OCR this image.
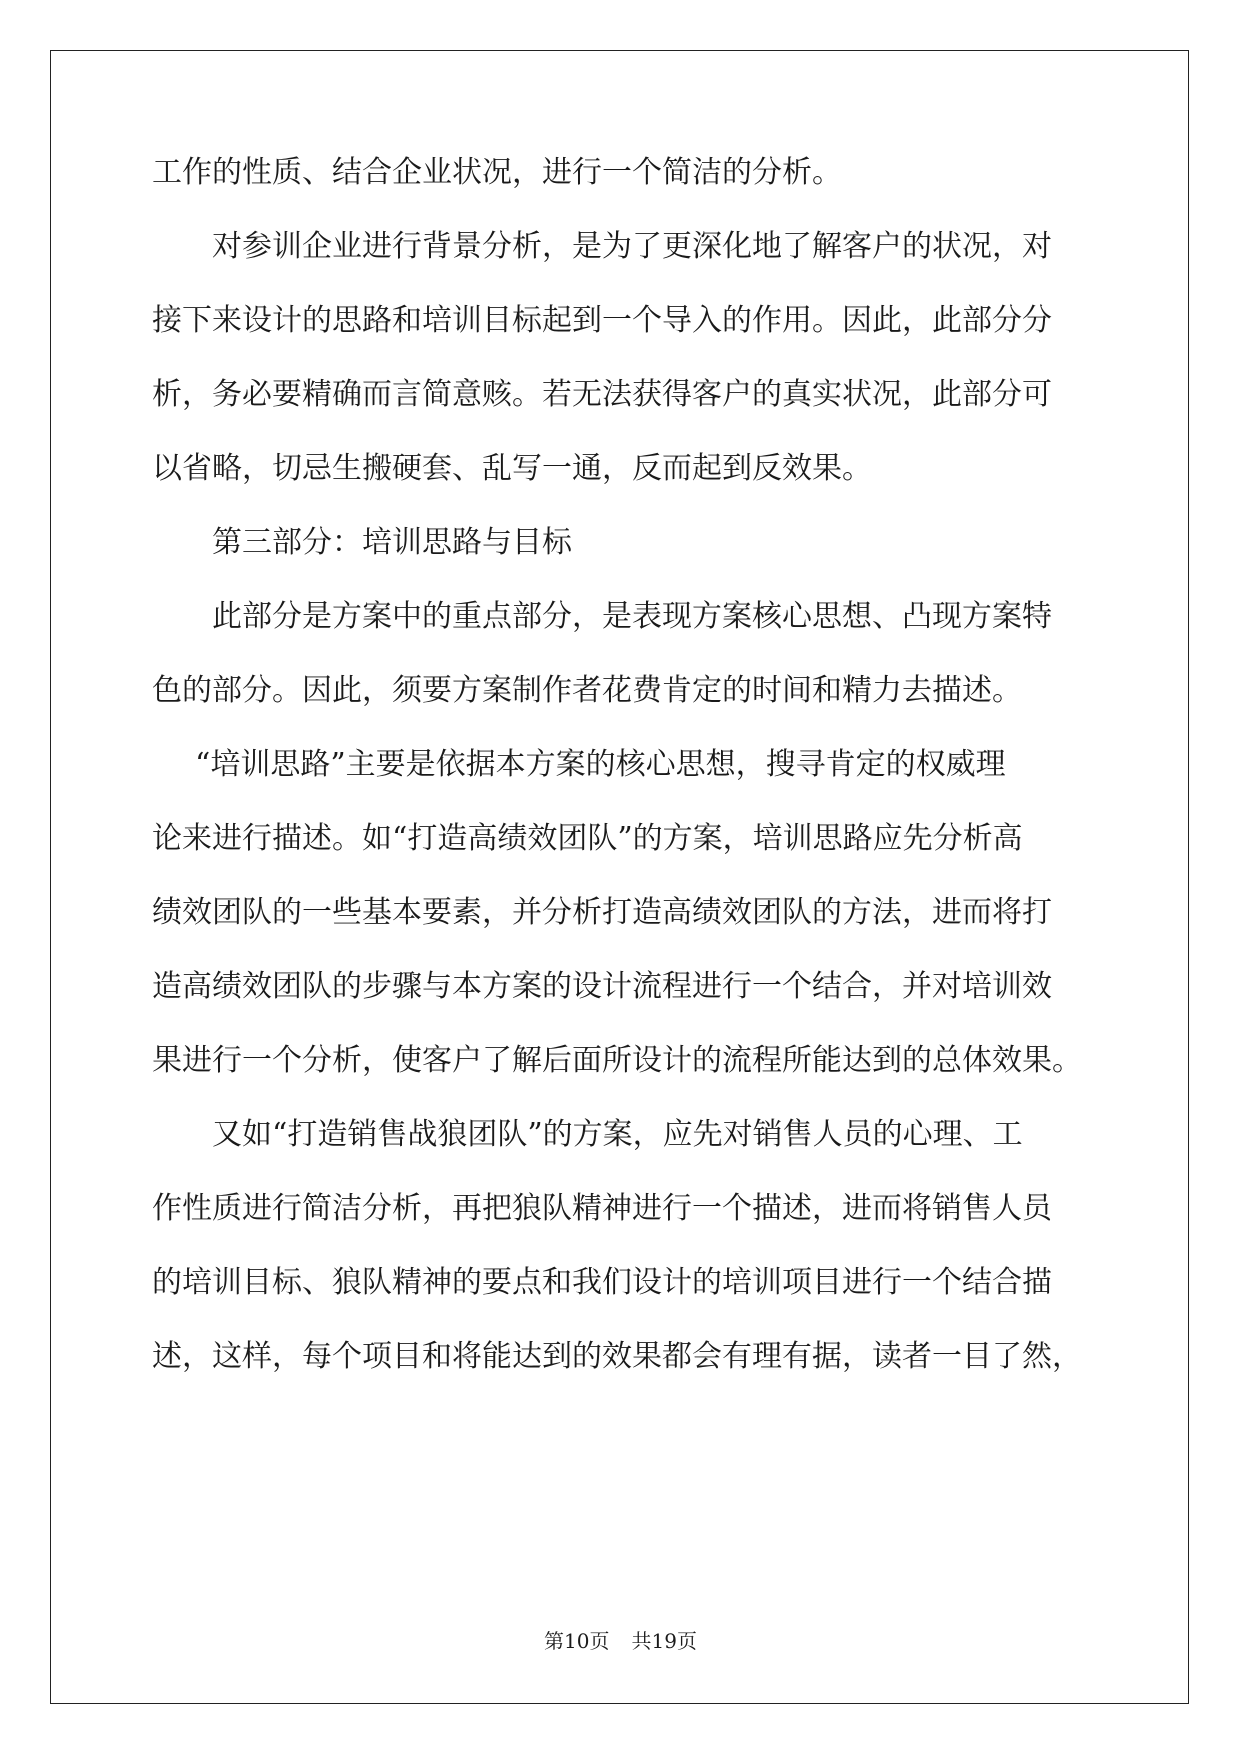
工作的性质、结合企业状况，进行一个简洁的分析。
对参训企业进行背景分析，是为了更深化地了解客户的状况，对
接下来设计的思路和培训目标起到一个导入的作用。因此，此部分分
析，务必要精确而言简意赅。若无法获得客户的真实状况，此部分可
以省略，切忌生搬硬套、乱写一通，反而起到反效果。
第三部分：培训思路与目标
此部分是方案中的重点部分，是表现方案核心思想、凸现方案特
色的部分。因此，须要方案制作者花费肯定的时间和精力去描述。
“培训思路”主要是依据本方案的核心思想，搜寻肯定的权威理
论来进行描述。如“打造高绩效团队”的方案，培训思路应先分析高
绩效团队的一些基本要素，并分析打造高绩效团队的方法，进而将打
造高绩效团队的步骤与本方案的设计流程进行一个结合，并对培训效
果进行一个分析，使客户了解后面所设计的流程所能达到的总体效果。
又如“打造销售战狼团队”的方案，应先对销售人员的心理、工
作性质进行简洁分析，再把狼队精神进行一个描述，进而将销售人员
的培训目标、狼队精神的要点和我们设计的培训项目进行一个结合描
述，这样，每个项目和将能达到的效果都会有理有据，读者一目了然，
第10页 共19页
